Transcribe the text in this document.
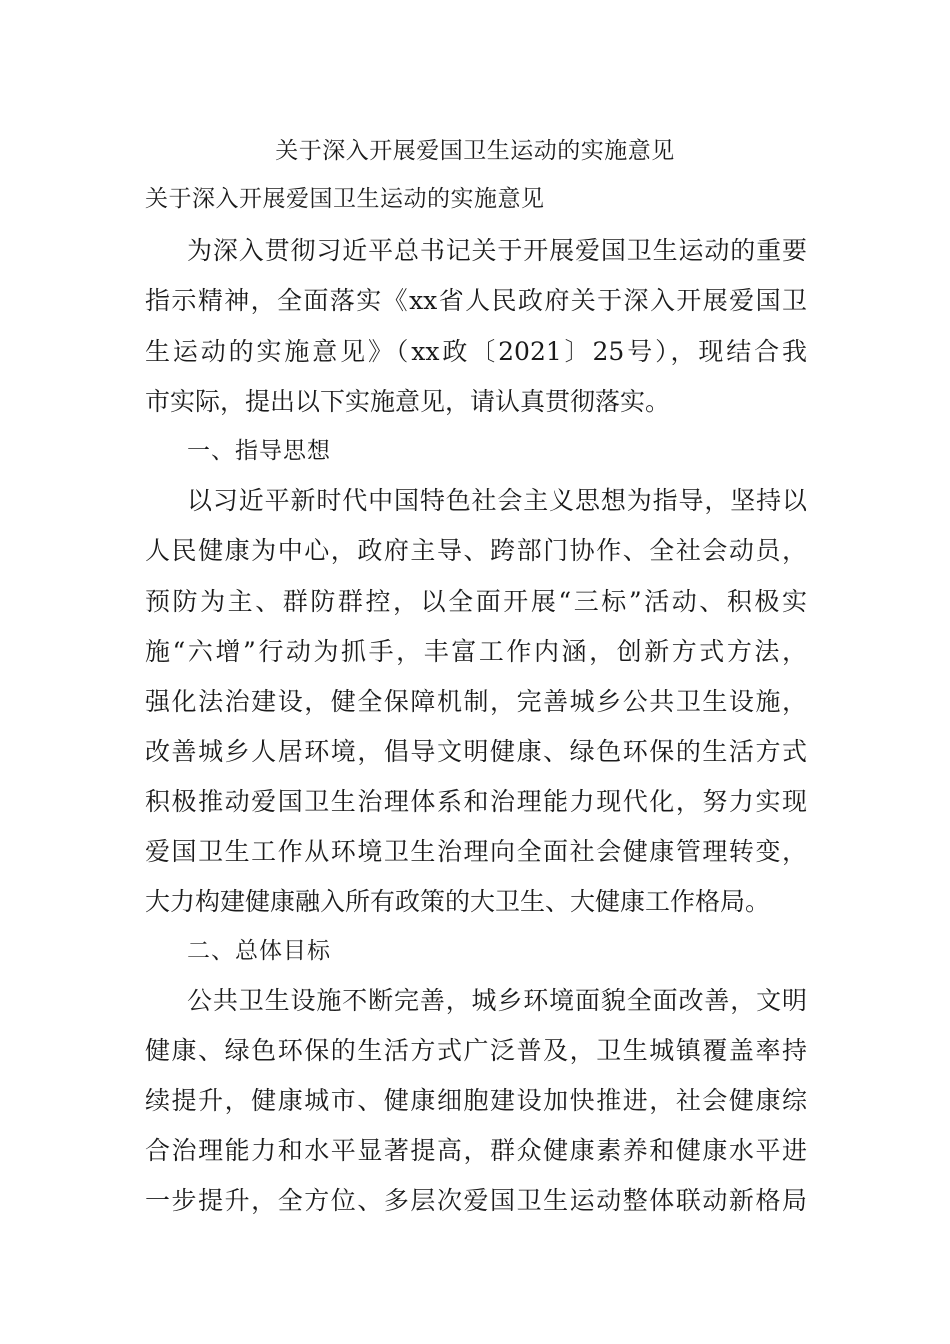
关于深入开展爱国卫生运动的实施意见
关于深入开展爱国卫生运动的实施意见
为深入贯彻习近平总书记关于开展爱国卫生运动的重要
指示精神，全面落实《xx省人民政府关于深入开展爱国卫
生运动的实施意见》（xx政〔2021〕25号），现结合我
市实际，提出以下实施意见，请认真贯彻落实。
一、指导思想
以习近平新时代中国特色社会主义思想为指导，坚持以
人民健康为中心，政府主导、跨部门协作、全社会动员，
预防为主、群防群控，以全面开展“三标”活动、积极实
施“六增”行动为抓手，丰富工作内涵，创新方式方法，
强化法治建设，健全保障机制，完善城乡公共卫生设施，
改善城乡人居环境，倡导文明健康、绿色环保的生活方式
积极推动爱国卫生治理体系和治理能力现代化，努力实现
爱国卫生工作从环境卫生治理向全面社会健康管理转变，
大力构建健康融入所有政策的大卫生、大健康工作格局。
二、总体目标
公共卫生设施不断完善，城乡环境面貌全面改善，文明
健康、绿色环保的生活方式广泛普及，卫生城镇覆盖率持
续提升，健康城市、健康细胞建设加快推进，社会健康综
合治理能力和水平显著提高，群众健康素养和健康水平进
一步提升，全方位、多层次爱国卫生运动整体联动新格局
